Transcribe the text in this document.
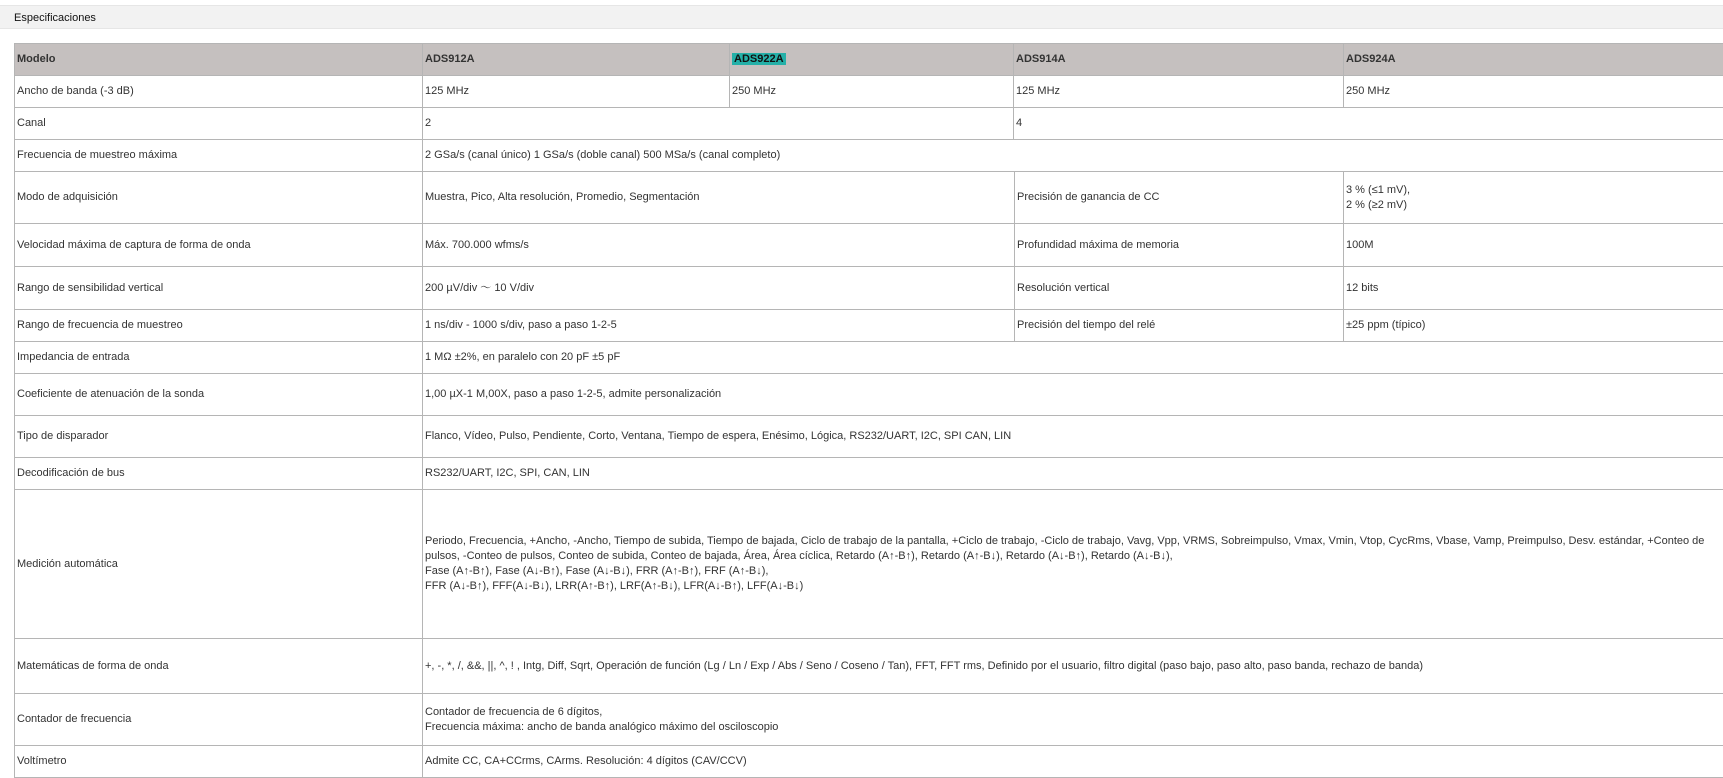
Especificaciones
Modelo	ADS912A	ADS922A	ADS914A	ADS924A
Ancho de banda (-3 dB)	125 MHz	250 MHz	125 MHz	250 MHz
Canal	2		4	
Frecuencia de muestreo máxima	2 GSa/s (canal único) 1 GSa/s (doble canal) 500 MSa/s (canal completo)			
Modo de adquisición	Muestra, Pico, Alta resolución, Promedio, Segmentación		Precisión de ganancia de CC	3 % (≤1 mV),
2 % (≥2 mV)

Velocidad máxima de captura de forma de onda	Máx. 700.000 wfms/s		Profundidad máxima de memoria	100M
Rango de sensibilidad vertical	200 µV/div ～ 10 V/div		Resolución vertical	12 bits
Rango de frecuencia de muestreo	1 ns/div - 1000 s/div, paso a paso 1-2-5		Precisión del tiempo del relé	±25 ppm (típico)
Impedancia de entrada	1 MΩ ±2%, en paralelo con 20 pF ±5 pF			
Coeficiente de atenuación de la sonda	1,00 µX-1 M,00X, paso a paso 1-2-5, admite personalización			
Tipo de disparador	Flanco, Vídeo, Pulso, Pendiente, Corto, Ventana, Tiempo de espera, Enésimo, Lógica, RS232/UART, I2C, SPI CAN, LIN			
Decodificación de bus	RS232/UART, I2C, SPI, CAN, LIN			
Medición automática	Periodo, Frecuencia, +Ancho, -Ancho, Tiempo de subida, Tiempo de bajada, Ciclo de trabajo de la pantalla, +Ciclo de trabajo, -Ciclo de trabajo, Vavg, Vpp, VRMS, Sobreimpulso, Vmax, Vmin, Vtop, CycRms, Vbase, Vamp, Preimpulso, Desv. estándar, +Conteo de pulsos, -Conteo de pulsos, Conteo de subida, Conteo de bajada, Área, Área cíclica, Retardo (A↑-B↑), Retardo (A↑-B↓), Retardo (A↓-B↑), Retardo (A↓-B↓),
Fase (A↑-B↑), Fase (A↓-B↑), Fase (A↓-B↓), FRR (A↑-B↑), FRF (A↑-B↓),
FFR (A↓-B↑), FFF(A↓-B↓), LRR(A↑-B↑), LRF(A↑-B↓), LFR(A↓-B↑), LFF(A↓-B↓)			

Matemáticas de forma de onda	+, -, *, /, &&, ||, ^, ! , Intg, Diff, Sqrt, Operación de función (Lg / Ln / Exp / Abs / Seno / Coseno / Tan), FFT, FFT rms, Definido por el usuario, filtro digital (paso bajo, paso alto, paso banda, rechazo de banda)			
Contador de frecuencia	Contador de frecuencia de 6 dígitos,
Frecuencia máxima: ancho de banda analógico máximo del osciloscopio			

Voltímetro	Admite CC, CA+CCrms, CArms. Resolución: 4 dígitos (CAV/CCV)			
